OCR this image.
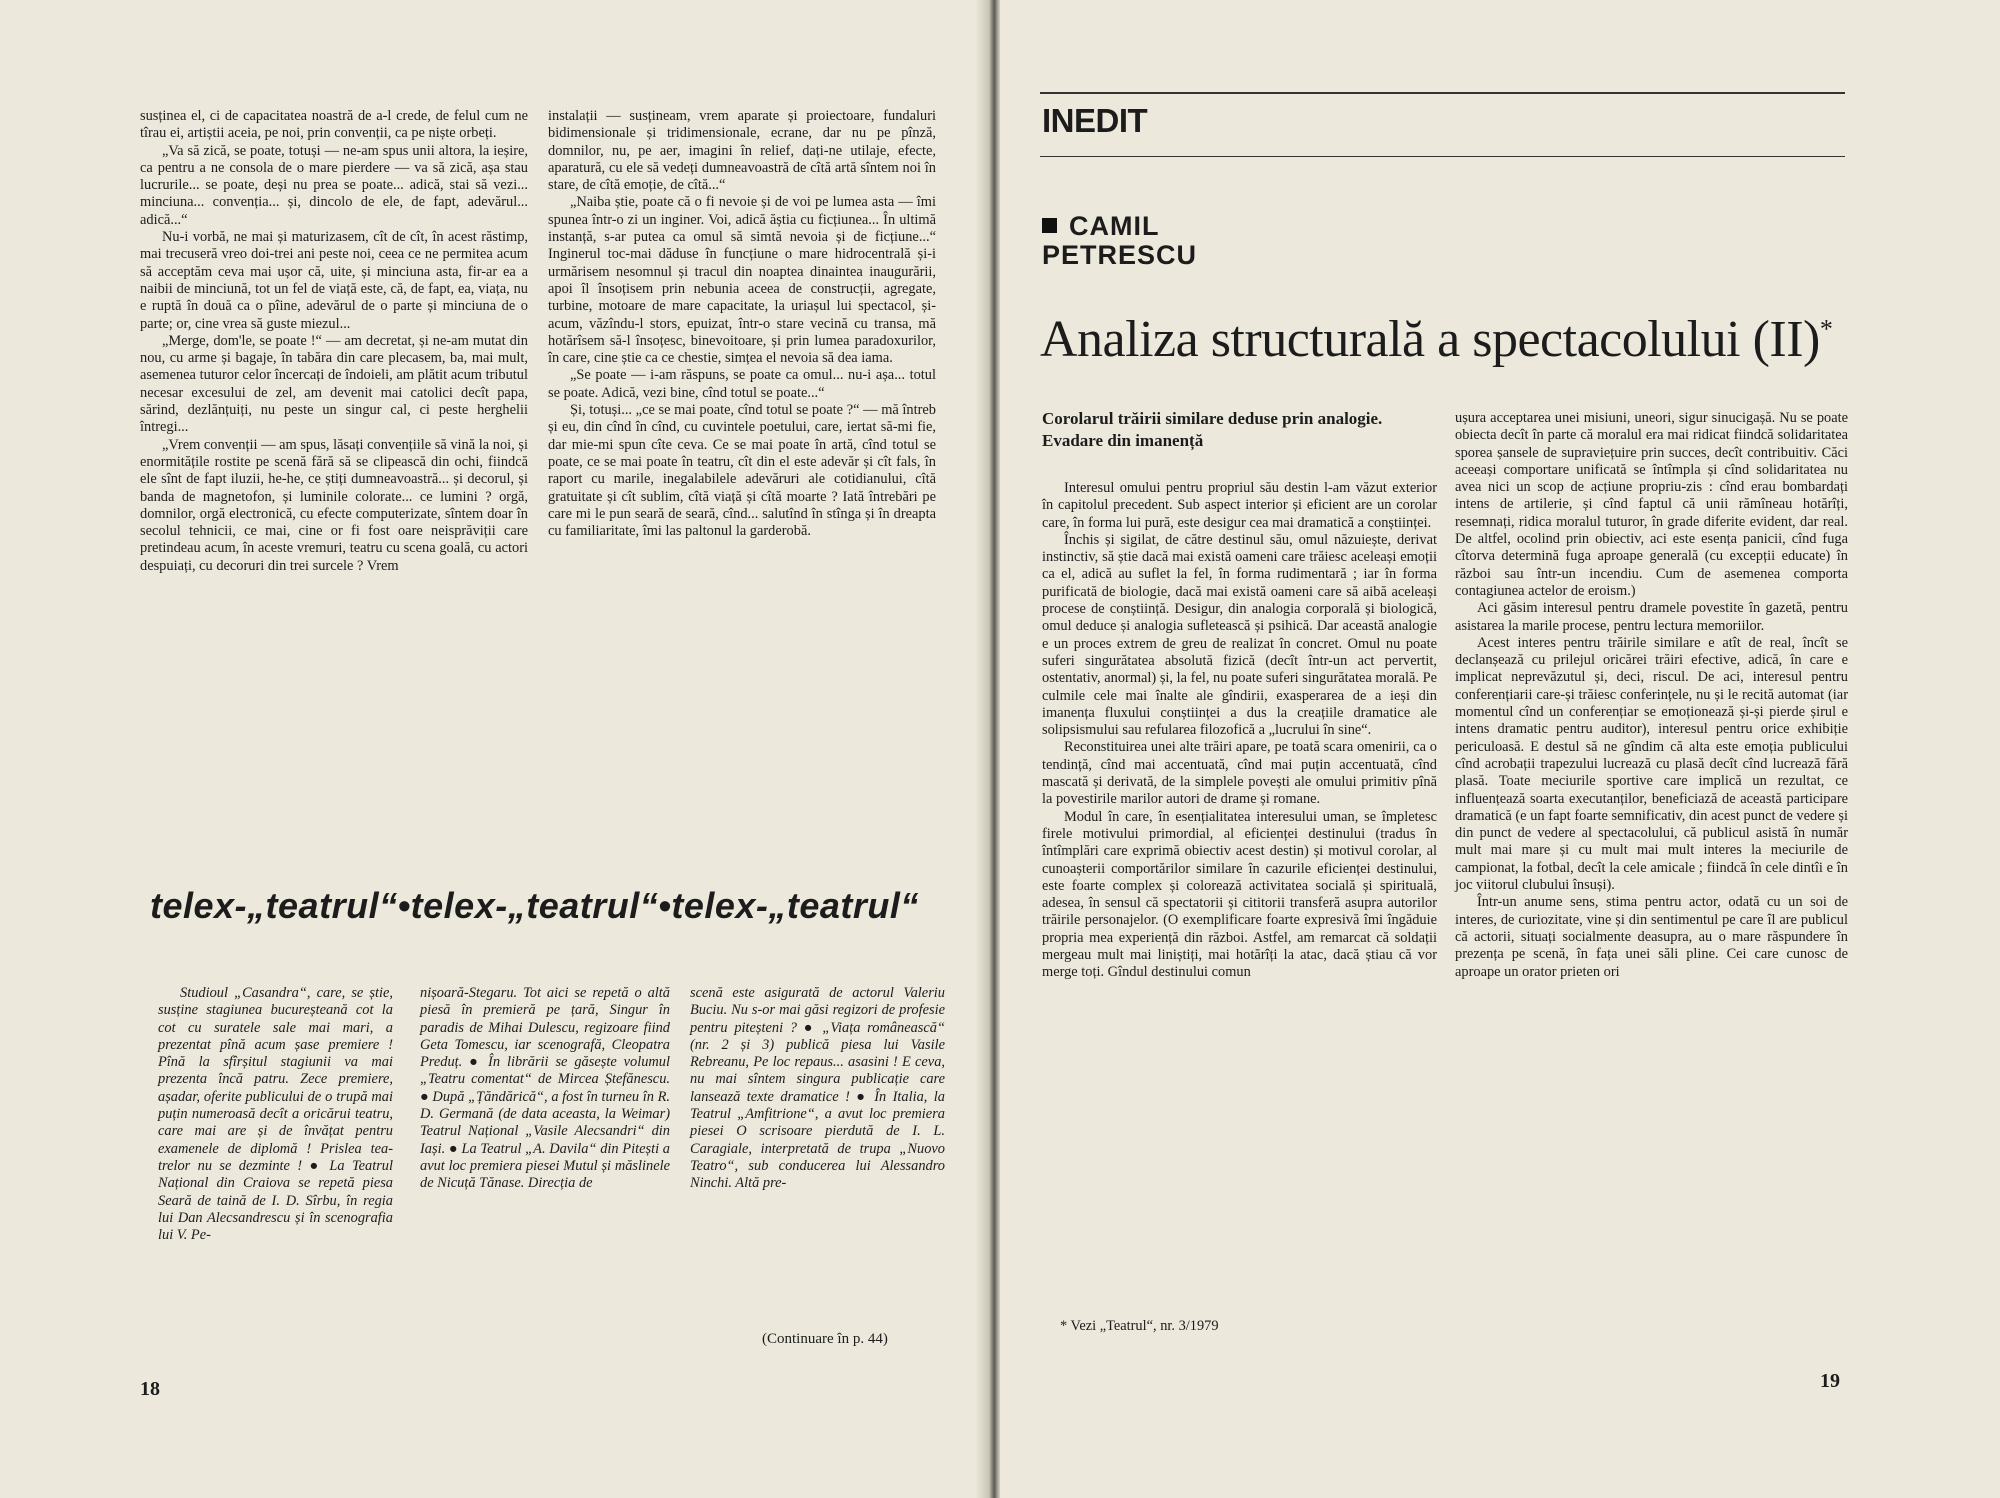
susținea el, ci de capacitatea noastră de a-l crede, de felul cum ne tîrau ei, artiștii aceia, pe noi, prin convenții, ca pe niște orbeți.

„Va să zică, se poate, totuși — ne-am spus unii altora, la ieșire, ca pentru a ne consola de o mare pierdere — va să zică, așa stau lucrurile... se poate, deși nu prea se poate... adică, stai să vezi... minciuna... convenția... și, dincolo de ele, de fapt, adevărul... adică...“

Nu-i vorbă, ne mai și maturizasem, cît de cît, în acest răstimp, mai trecuseră vreo doi-trei ani peste noi, ceea ce ne permitea acum să acceptăm ceva mai ușor că, uite, și minciuna asta, fir-ar ea a naibii de minciună, tot un fel de viață este, că, de fapt, ea, viața, nu e ruptă în două ca o pîine, adevărul de o parte și minciuna de o parte; or, cine vrea să guste miezul...

„Merge, dom'le, se poate !“ — am decretat, și ne-am mutat din nou, cu arme și bagaje, în tabăra din care plecasem, ba, mai mult, asemenea tuturor celor încercați de îndoieli, am plătit acum tributul necesar excesului de zel, am devenit mai catolici decît papa, sărind, dezlănțuiți, nu peste un singur cal, ci peste herghelii întregi...

„Vrem convenții — am spus, lăsați convențiile să vină la noi, și enormitățile rostite pe scenă fără să se clipească din ochi, fiindcă ele sînt de fapt iluzii, he-he, ce știți dumneavoastră... și decorul, și banda de magnetofon, și luminile colorate... ce lumini ? orgă, domnilor, orgă electronică, cu efecte computerizate, sîntem doar în secolul tehnicii, ce mai, cine or fi fost oare neisprăviții care pretindeau acum, în aceste vremuri, teatru cu scena goală, cu actori despuiați, cu decoruri din trei surcele ? Vrem

instalații — susțineam, vrem aparate și proiectoare, fundaluri bidimensionale și tridimensionale, ecrane, dar nu pe pînză, domnilor, nu, pe aer, imagini în relief, dați-ne utilaje, efecte, aparatură, cu ele să vedeți dumneavoastră de cîtă artă sîntem noi în stare, de cîtă emoție, de cîtă...“

„Naiba știe, poate că o fi nevoie și de voi pe lumea asta — îmi spunea într-o zi un inginer. Voi, adică ăștia cu ficțiunea... În ultimă instanță, s-ar putea ca omul să simtă nevoia și de ficțiune...“ Inginerul toc-mai dăduse în funcțiune o mare hidrocentrală și-i urmărisem nesomnul și tracul din noaptea dinaintea inaugurării, apoi îl însoțisem prin nebunia aceea de construcții, agregate, turbine, motoare de mare capacitate, la uriașul lui spectacol, și-acum, văzîndu-l stors, epuizat, într-o stare vecină cu transa, mă hotărîsem să-l însoțesc, binevoitoare, și prin lumea paradoxurilor, în care, cine știe ca ce chestie, simțea el nevoia să dea iama.

„Se poate — i-am răspuns, se poate ca omul... nu-i așa... totul se poate. Adică, vezi bine, cînd totul se poate...“

Și, totuși... „ce se mai poate, cînd totul se poate ?“ — mă întreb și eu, din cînd în cînd, cu cuvintele poetului, care, iertat să-mi fie, dar mie-mi spun cîte ceva. Ce se mai poate în artă, cînd totul se poate, ce se mai poate în teatru, cît din el este adevăr și cît fals, în raport cu marile, inegalabilele adevăruri ale cotidianului, cîtă gratuitate și cît sublim, cîtă viață și cîtă moarte ? Iată întrebări pe care mi le pun seară de seară, cînd... salutînd în stînga și în dreapta cu familiaritate, îmi las paltonul la garderobă.

telex-„teatrul“•telex-„teatrul“•telex-„teatrul“

Studioul „Casandra“, care, se știe, susține stagiunea bucureșteană cot la cot cu suratele sale mai mari, a prezentat pînă acum șase premiere ! Pînă la sfîrșitul stagiunii va mai prezenta încă patru. Zece premiere, așadar, oferite publicului de o trupă mai puțin numeroasă decît a oricărui teatru, care mai are și de învățat pentru examenele de diplomă ! Prislea tea-trelor nu se dezminte ! ● La Teatrul Național din Craiova se repetă piesa Seară de taină de I. D. Sîrbu, în regia lui Dan Alecsandrescu și în scenografia lui V. Pe-

nișoară-Stegaru. Tot aici se repetă o altă piesă în premieră pe țară, Singur în paradis de Mihai Dulescu, regizoare fiind Geta Tomescu, iar scenografă, Cleopatra Preduț. ● În librării se găsește volumul „Teatru comentat“ de Mircea Ștefănescu. ● După „Țăndărică“, a fost în turneu în R. D. Germană (de data aceasta, la Weimar) Teatrul Național „Vasile Alecsandri“ din Iași. ● La Teatrul „A. Davila“ din Pitești a avut loc premiera piesei Mutul și măslinele de Nicuță Tănase. Direcția de

scenă este asigurată de actorul Valeriu Buciu. Nu s-or mai găsi regizori de profesie pentru piteșteni ? ● „Viața românească“ (nr. 2 și 3) publică piesa lui Vasile Rebreanu, Pe loc repaus... asasini ! E ceva, nu mai sîntem singura publicație care lansează texte dramatice ! ● În Italia, la Teatrul „Amfitrione“, a avut loc premiera piesei O scrisoare pierdută de I. L. Caragiale, interpretată de trupa „Nuovo Teatro“, sub conducerea lui Alessandro Ninchi. Altă pre-

(Continuare în p. 44)
18
INEDIT
CAMIL
PETRESCU
Analiza structurală a spectacolului (II)*
Corolarul trăirii similare deduse prin analogie. Evadare din imanență

Interesul omului pentru propriul său destin l-am văzut exterior în capitolul precedent. Sub aspect interior și eficient are un corolar care, în forma lui pură, este desigur cea mai dramatică a conștiinței.

Închis și sigilat, de către destinul său, omul năzuiește, derivat instinctiv, să știe dacă mai există oameni care trăiesc aceleași emoții ca el, adică au suflet la fel, în forma rudimentară ; iar în forma purificată de biologie, dacă mai există oameni care să aibă aceleași procese de conștiință. Desigur, din analogia corporală și biologică, omul deduce și analogia sufletească și psihică. Dar această analogie e un proces extrem de greu de realizat în concret. Omul nu poate suferi singurătatea absolută fizică (decît într-un act pervertit, ostentativ, anormal) și, la fel, nu poate suferi singurătatea morală. Pe culmile cele mai înalte ale gîndirii, exasperarea de a ieși din imanența fluxului conștiinței a dus la creațiile dramatice ale solipsismului sau refularea filozofică a „lucrului în sine“.

Reconstituirea unei alte trăiri apare, pe toată scara omenirii, ca o tendință, cînd mai accentuată, cînd mai puțin accentuată, cînd mascată și derivată, de la simplele povești ale omului primitiv pînă la povestirile marilor autori de drame și romane.

Modul în care, în esențialitatea interesului uman, se împletesc firele motivului primordial, al eficienței destinului (tradus în întîmplări care exprimă obiectiv acest destin) și motivul corolar, al cunoașterii comportărilor similare în cazurile eficienței destinului, este foarte complex și colorează activitatea socială și spirituală, adesea, în sensul că spectatorii și cititorii transferă asupra autorilor trăirile personajelor. (O exemplificare foarte expresivă îmi îngăduie propria mea experiență din război. Astfel, am remarcat că soldații mergeau mult mai liniștiți, mai hotărîți la atac, dacă știau că vor merge toți. Gîndul destinului comun

ușura acceptarea unei misiuni, uneori, sigur sinucigașă. Nu se poate obiecta decît în parte că moralul era mai ridicat fiindcă solidaritatea sporea șansele de supraviețuire prin succes, decît contribuitiv. Căci aceeași comportare unificată se întîmpla și cînd solidaritatea nu avea nici un scop de acțiune propriu-zis : cînd erau bombardați intens de artilerie, și cînd faptul că unii rămîneau hotărîți, resemnați, ridica moralul tuturor, în grade diferite evident, dar real. De altfel, ocolind prin obiectiv, aci este esența panicii, cînd fuga cîtorva determină fuga aproape generală (cu excepții educate) în război sau într-un incendiu. Cum de asemenea comporta contagiunea actelor de eroism.)

Aci găsim interesul pentru dramele povestite în gazetă, pentru asistarea la marile procese, pentru lectura memoriilor.

Acest interes pentru trăirile similare e atît de real, încît se declanșează cu prilejul oricărei trăiri efective, adică, în care e implicat neprevăzutul și, deci, riscul. De aci, interesul pentru conferențiarii care-și trăiesc conferințele, nu și le recită automat (iar momentul cînd un conferențiar se emoționează și-și pierde șirul e intens dramatic pentru auditor), interesul pentru orice exhibiție periculoasă. E destul să ne gîndim că alta este emoția publicului cînd acrobații trapezului lucrează cu plasă decît cînd lucrează fără plasă. Toate meciurile sportive care implică un rezultat, ce influențează soarta executanților, beneficiază de această participare dramatică (e un fapt foarte semnificativ, din acest punct de vedere și din punct de vedere al spectacolului, că publicul asistă în număr mult mai mare și cu mult mai mult interes la meciurile de campionat, la fotbal, decît la cele amicale ; fiindcă în cele dintîi e în joc viitorul clubului însuși).

Într-un anume sens, stima pentru actor, odată cu un soi de interes, de curiozitate, vine și din sentimentul pe care îl are publicul că actorii, situați socialmente deasupra, au o mare răspundere în prezența pe scenă, în fața unei săli pline. Cei care cunosc de aproape un orator prieten ori

* Vezi „Teatrul“, nr. 3/1979
19
